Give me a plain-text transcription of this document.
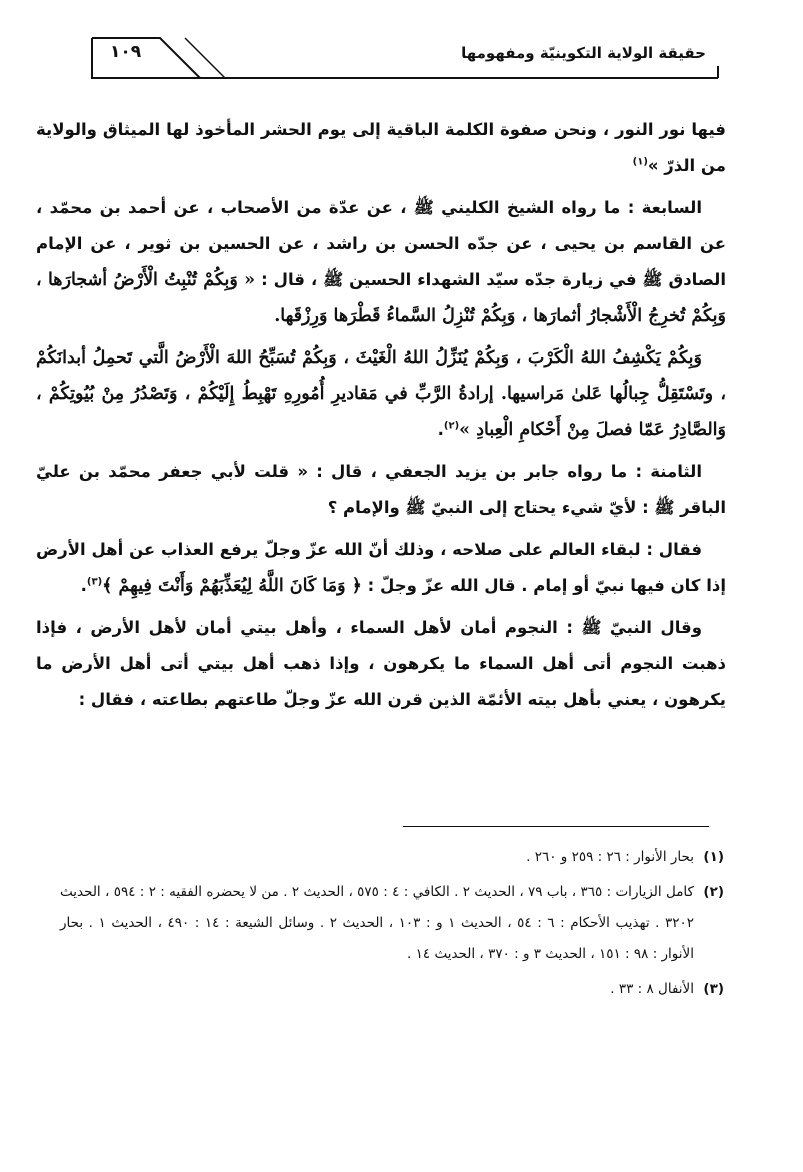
١٠٩	حقيقة الولاية التكوينيّة ومفهومها

فيها نور النور ، ونحن صفوة الكلمة الباقية إلى يوم الحشر المأخوذ لها الميثاق والولاية من الذرّ »$^{(١)}$

السابعة : ما رواه الشيخ الكليني ﷺ ، عن عدّة من الأصحاب ، عن أحمد بن محمّد ، عن القاسم بن يحيى ، عن جدّه الحسن بن راشد ، عن الحسين بن ثوير ، عن الإمام الصادق ﷺ في زيارة جدّه سيّد الشهداء الحسين ﷺ ، قال : « وَبِكُمْ تُنْبِتُ الْأَرْضُ أشجارَها ، وَبِكُمْ تُخرِجُ الْأَشْجارُ أثمارَها ، وَبِكُمْ تُنْزِلُ السَّماءُ قَطْرَها وَرِزْقَها.

وَبِكُمْ يَكْشِفُ اللهُ الْكَرْبَ ، وَبِكُمْ يُنَزِّلُ اللهُ الْغَيْثَ ، وَبِكُمْ تُسَبِّحُ اللهَ الْأَرْضُ الَّتي تَحمِلُ أبدانَكُمْ ، وتَسْتَقِلُّ جِبالُها عَلىٰ مَراسيها. إرادةُ الرَّبِّ في مَقاديرِ أُمُورِهِ تَهْبِطُ إِلَيْكُمْ ، وَتَصْدُرُ مِنْ بُيُوتِكُمْ ، وَالصَّادِرُ عَمّا فصلَ مِنْ أَحْكامِ الْعِبادِ »$^{(٢)}$.

الثامنة : ما رواه جابر بن يزيد الجعفي ، قال : « قلت لأبي جعفر محمّد بن عليّ الباقر ﷺ : لأيّ شيء يحتاج إلى النبيّ ﷺ والإمام ؟

فقال : لبقاء العالم على صلاحه ، وذلك أنّ الله عزّ وجلّ يرفع العذاب عن أهل الأرض إذا كان فيها نبيّ أو إمام . قال الله عزّ وجلّ : ﴿ وَمَا كَانَ اللَّهُ لِيُعَذِّبَهُمْ وَأَنْتَ فِيهِمْ ﴾$^{(٣)}$.

وقال النبيّ ﷺ : النجوم أمان لأهل السماء ، وأهل بيتي أمان لأهل الأرض ، فإذا ذهبت النجوم أتى أهل السماء ما يكرهون ، وإذا ذهب أهل بيتي أتى أهل الأرض ما يكرهون ، يعني بأهل بيته الأئمّة الذين قرن الله عزّ وجلّ طاعتهم بطاعته ، فقال :

(١)
بحار الأنوار : ٢٦ : ٢٥٩ و ٢٦٠ .
(٢)
كامل الزيارات : ٣٦٥ ، باب ٧٩ ، الحديث ٢ . الكافي : ٤ : ٥٧٥ ، الحديث ٢ . من لا يحضره الفقيه : ٢ : ٥٩٤ ، الحديث ٣٢٠٢ . تهذيب الأحكام : ٦ : ٥٤ ، الحديث ١ و : ١٠٣ ، الحديث ٢ . وسائل الشيعة : ١٤ : ٤٩٠ ، الحديث ١ . بحار الأنوار : ٩٨ : ١٥١ ، الحديث ٣ و : ٣٧٠ ، الحديث ١٤ .
(٣)
الأنفال ٨ : ٣٣ .
